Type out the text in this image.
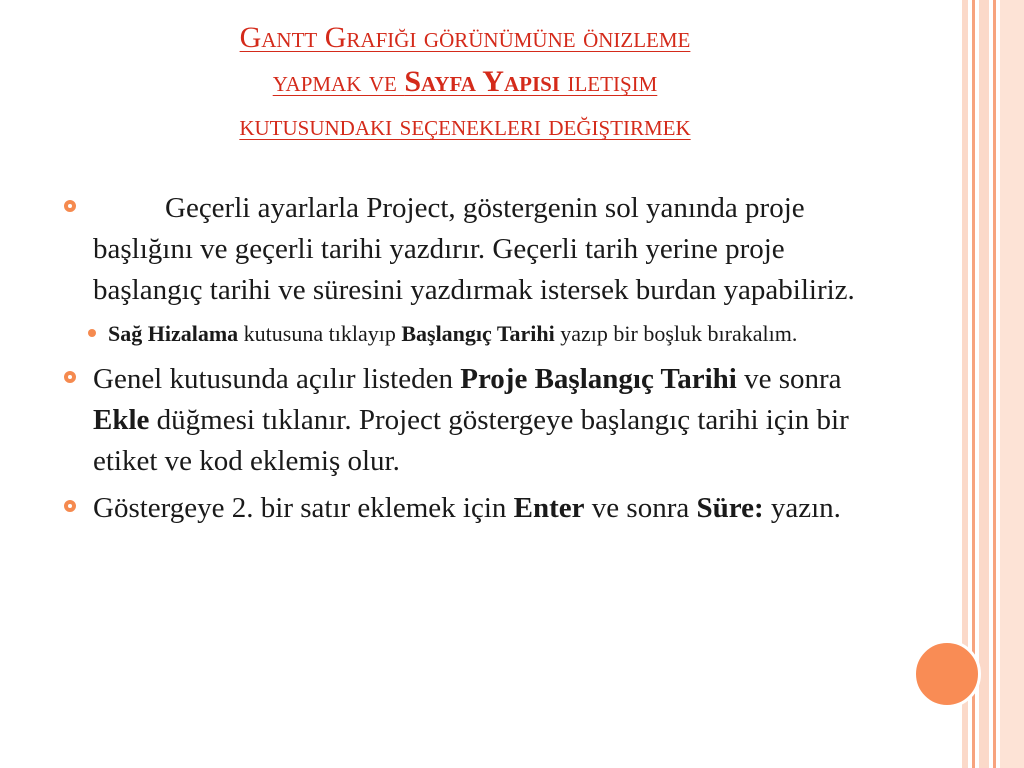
Gantt Grafiği görünümüne önizleme
yapmak ve Sayfa Yapısı iletişim
kutusundaki seçenekleri değiştirmek
Geçerli ayarlarla Project, göstergenin sol yanında proje başlığını ve geçerli tarihi yazdırır. Geçerli tarih yerine proje başlangıç tarihi ve süresini yazdırmak istersek burdan yapabiliriz.
Sağ Hizalama kutusuna tıklayıp Başlangıç Tarihi yazıp bir boşluk bırakalım.
Genel kutusunda açılır listeden Proje Başlangıç Tarihi ve sonra Ekle düğmesi tıklanır. Project göstergeye başlangıç tarihi için bir etiket ve kod eklemiş olur.
Göstergeye 2. bir satır eklemek için Enter ve sonra Süre: yazın.
